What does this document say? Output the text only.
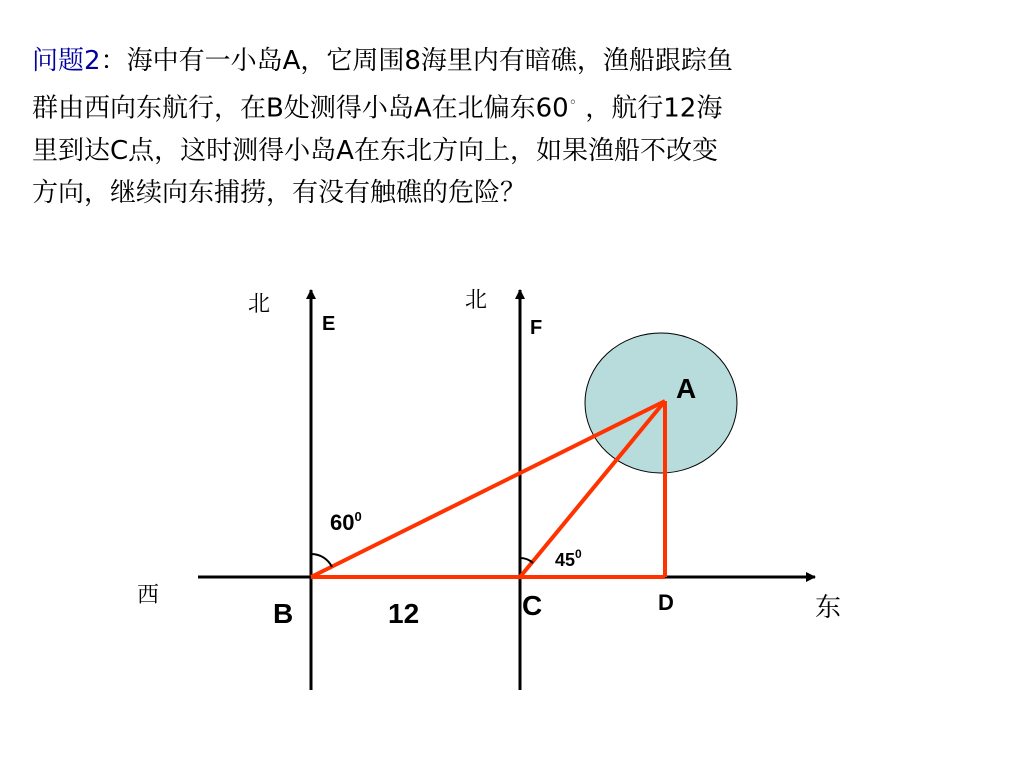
问题2：海中有一小岛A，它周围8海里内有暗礁，渔船跟踪鱼
群由西向东航行，在B处测得小岛A在北偏东60◦ ，航行12海
里到达C点，这时测得小岛A在东北方向上，如果渔船不改变
方向，继续向东捕捞，有没有触礁的危险？
北	北
西	东
E	F
A
B	C	D
12
$60^0$
$45^0$
